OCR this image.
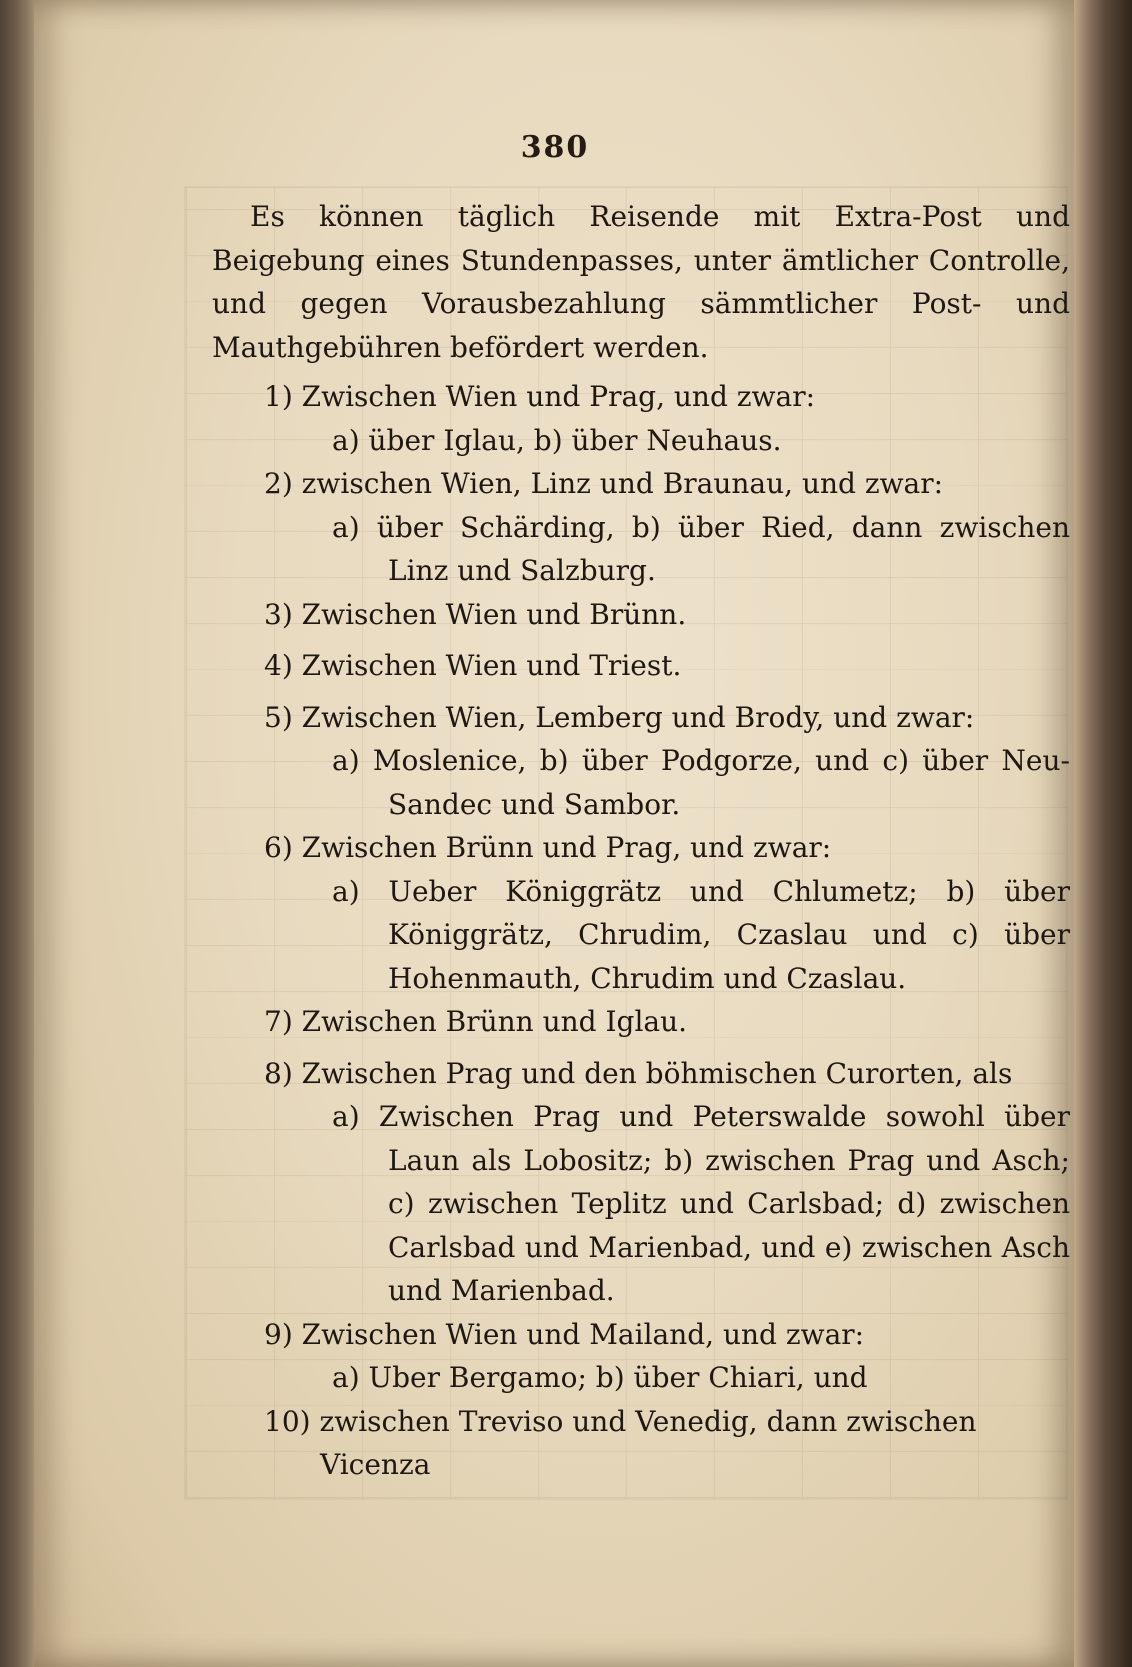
380

Es können täglich Reisende mit Extra-Post und Beigebung eines Stundenpasses, unter ämtlicher Controlle, und gegen Vorausbezahlung sämmtlicher Post- und Mauthgebühren befördert werden.

1) Zwischen Wien und Prag, und zwar:

a) über Iglau, b) über Neuhaus.

2) zwischen Wien, Linz und Braunau, und zwar:

a) über Schärding, b) über Ried, dann zwischen Linz und Salzburg.

3) Zwischen Wien und Brünn.

4) Zwischen Wien und Triest.

5) Zwischen Wien, Lemberg und Brody, und zwar:

a) Moslenice, b) über Podgorze, und c) über Neu-Sandec und Sambor.

6) Zwischen Brünn und Prag, und zwar:

a) Ueber Königgrätz und Chlumetz; b) über Königgrätz, Chrudim, Czaslau und c) über Hohenmauth, Chrudim und Czaslau.

7) Zwischen Brünn und Iglau.

8) Zwischen Prag und den böhmischen Curorten, als

a) Zwischen Prag und Peterswalde sowohl über Laun als Lobositz; b) zwischen Prag und Asch; c) zwischen Teplitz und Carlsbad; d) zwischen Carlsbad und Marienbad, und e) zwischen Asch und Marienbad.

9) Zwischen Wien und Mailand, und zwar:

a) Uber Bergamo; b) über Chiari, und

10) zwischen Treviso und Venedig, dann zwischen Vicenza
